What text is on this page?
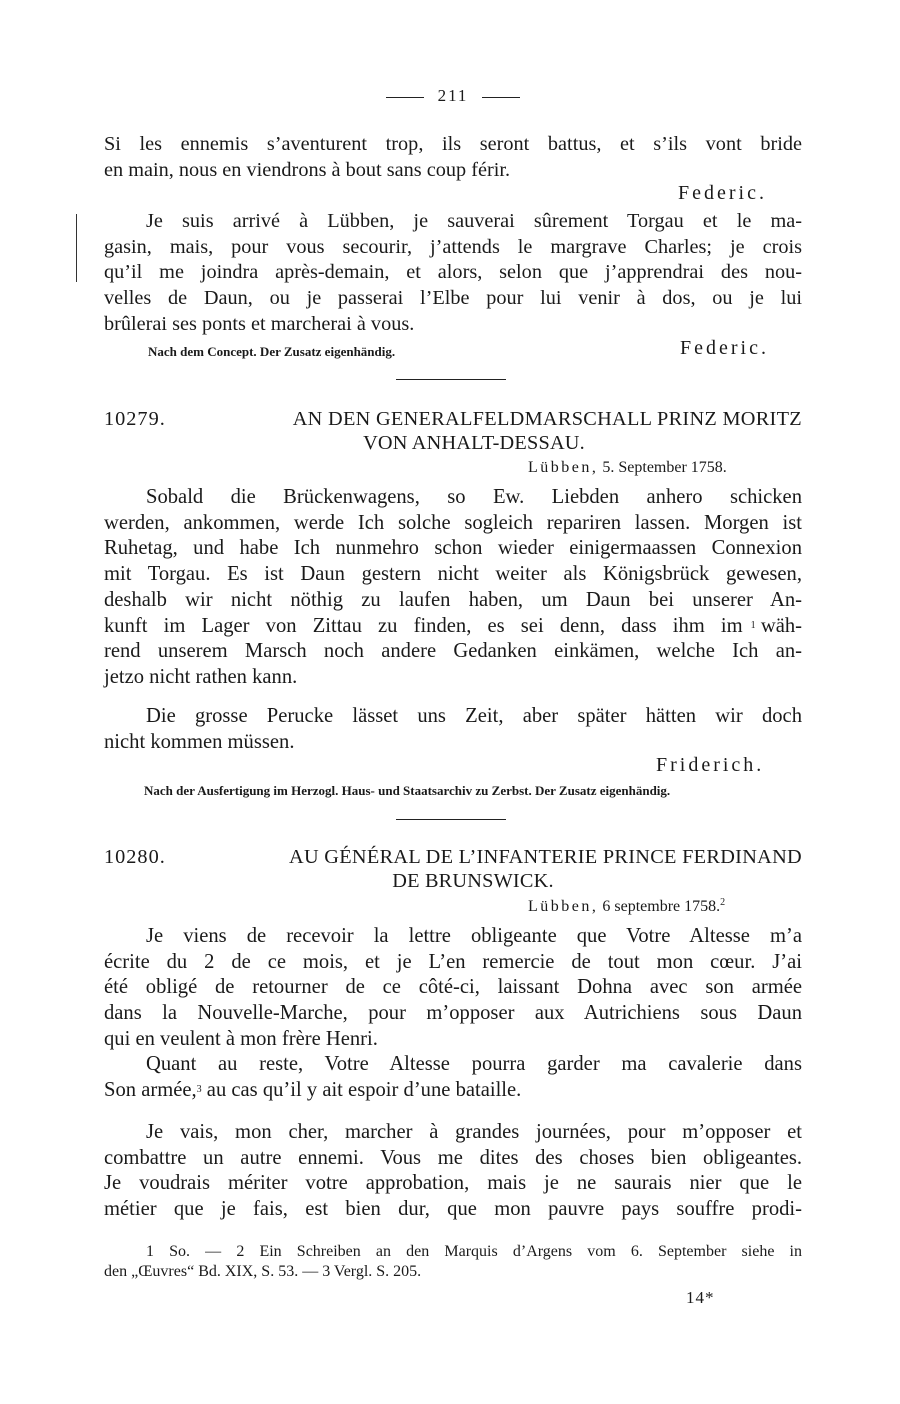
211
Si les ennemis s’aventurent trop, ils seront battus, et s’ils vont bride
en main, nous en viendrons à bout sans coup férir.
Federic.
Je suis arrivé à Lübben, je sauverai sûrement Torgau et le ma-
gasin, mais, pour vous secourir, j’attends le margrave Charles; je crois
qu’il me joindra après-demain, et alors, selon que j’apprendrai des nou-
velles de Daun, ou je passerai l’Elbe pour lui venir à dos, ou je lui
brûlerai ses ponts et marcherai à vous.
Nach dem Concept. Der Zusatz eigenhändig.	Federic.
10279.	AN DEN GENERALFELDMARSCHALL PRINZ MORITZ
VON ANHALT-DESSAU.
Lübben, 5. September 1758.
Sobald die Brückenwagens, so Ew. Liebden anhero schicken
werden, ankommen, werde Ich solche sogleich repariren lassen. Morgen ist
Ruhetag, und habe Ich nunmehro schon wieder einigermaassen Connexion
mit Torgau. Es ist Daun gestern nicht weiter als Königsbrück gewesen,
deshalb wir nicht nöthig zu laufen haben, um Daun bei unserer An-
kunft im Lager von Zittau zu finden, es sei denn, dass ihm im $^1$ wäh-
rend unserem Marsch noch andere Gedanken einkämen, welche Ich an-
jetzo nicht rathen kann.
Die grosse Perucke lässet uns Zeit, aber später hätten wir doch
nicht kommen müssen.
Friderich.
Nach der Ausfertigung im Herzogl. Haus- und Staatsarchiv zu Zerbst. Der Zusatz eigenhändig.
10280.	AU GÉNÉRAL DE L’INFANTERIE PRINCE FERDINAND
DE BRUNSWICK.
Lübben, 6 septembre 1758.$^2$
Je viens de recevoir la lettre obligeante que Votre Altesse m’a
écrite du 2 de ce mois, et je L’en remercie de tout mon cœur. J’ai
été obligé de retourner de ce côté-ci, laissant Dohna avec son armée
dans la Nouvelle-Marche, pour m’opposer aux Autrichiens sous Daun
qui en veulent à mon frère Henri.
Quant au reste, Votre Altesse pourra garder ma cavalerie dans
Son armée,$^3$ au cas qu’il y ait espoir d’une bataille.
Je vais, mon cher, marcher à grandes journées, pour m’opposer et
combattre un autre ennemi. Vous me dites des choses bien obligeantes.
Je voudrais mériter votre approbation, mais je ne saurais nier que le
métier que je fais, est bien dur, que mon pauvre pays souffre prodi-
1 So. — 2 Ein Schreiben an den Marquis d’Argens vom 6. September siehe in
den „Œuvres“ Bd. XIX, S. 53. — 3 Vergl. S. 205.
14*
